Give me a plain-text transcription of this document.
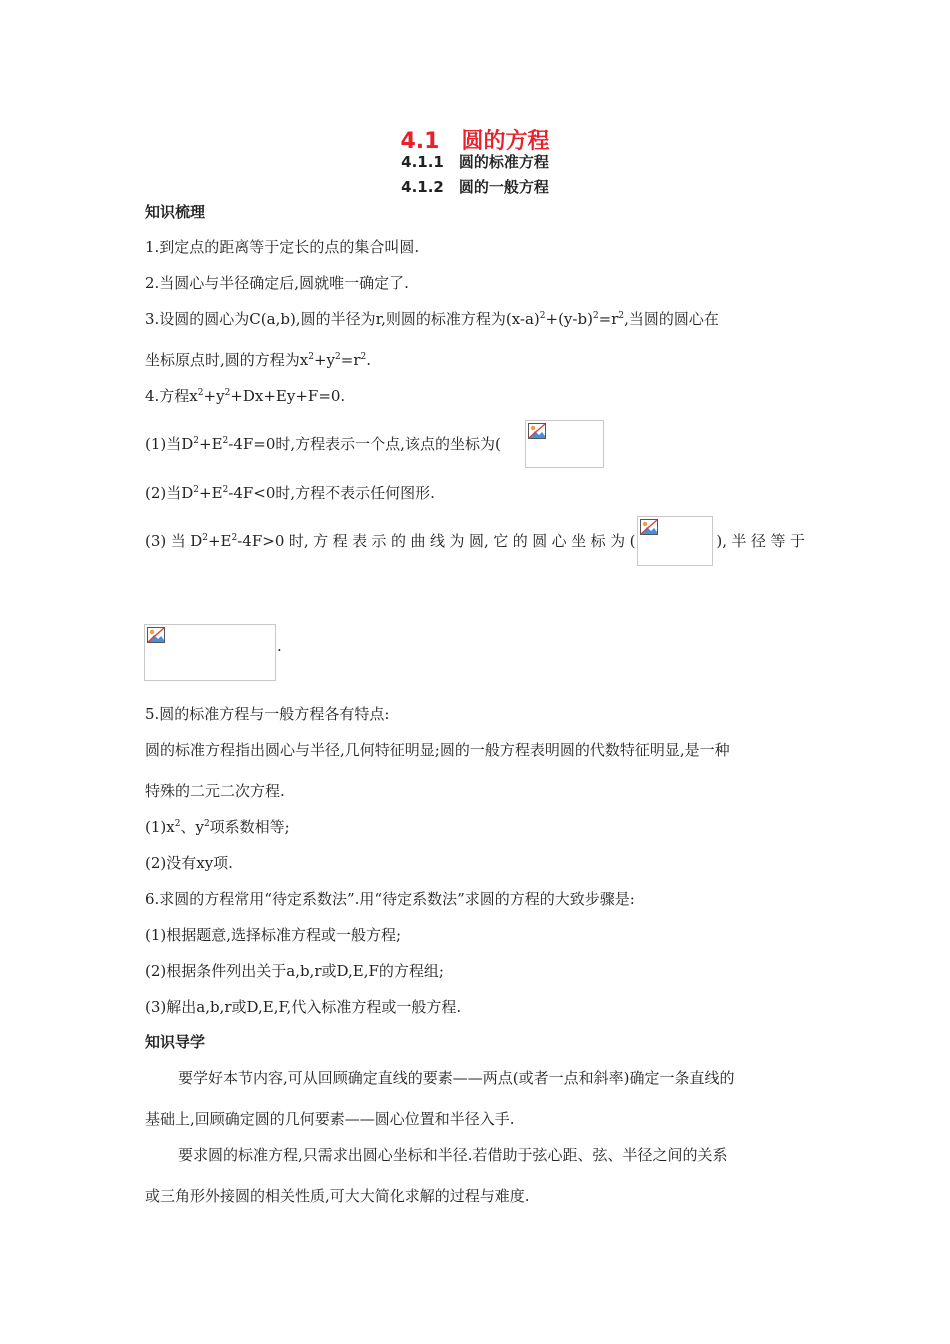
4.1　圆的方程
4.1.1　圆的标准方程
4.1.2　圆的一般方程
知识梳理
1.到定点的距离等于定长的点的集合叫圆.
2.当圆心与半径确定后,圆就唯一确定了.
3.设圆的圆心为C(a,b),圆的半径为r,则圆的标准方程为$(x-a)^2+(y-b)^2=r^2$,当圆的圆心在
坐标原点时,圆的方程为$x^2+y^2=r^2$.
4.方程$x^2+y^2+Dx+Ey+F=0$.
(1)当$D^2+E^2-4F=0$时,方程表示一个点,该点的坐标为(
(2)当$D^2+E^2-4F<0$时,方程不表示任何图形.
(3) 当 $D^2+E^2-4F>0$ 时, 方 程 表 示 的 曲 线 为 圆, 它 的 圆 心 坐 标 为 (	), 半 径 等 于
.
5.圆的标准方程与一般方程各有特点:
圆的标准方程指出圆心与半径,几何特征明显;圆的一般方程表明圆的代数特征明显,是一种
特殊的二元二次方程.
$(1)x^2$、$y^2$项系数相等;
(2)没有xy项.
6.求圆的方程常用“待定系数法”.用“待定系数法”求圆的方程的大致步骤是:
(1)根据题意,选择标准方程或一般方程;
(2)根据条件列出关于a,b,r或D,E,F的方程组;
(3)解出a,b,r或D,E,F,代入标准方程或一般方程.
知识导学
要学好本节内容,可从回顾确定直线的要素——两点(或者一点和斜率)确定一条直线的
基础上,回顾确定圆的几何要素——圆心位置和半径入手.
要求圆的标准方程,只需求出圆心坐标和半径.若借助于弦心距、弦、半径之间的关系
或三角形外接圆的相关性质,可大大简化求解的过程与难度.
